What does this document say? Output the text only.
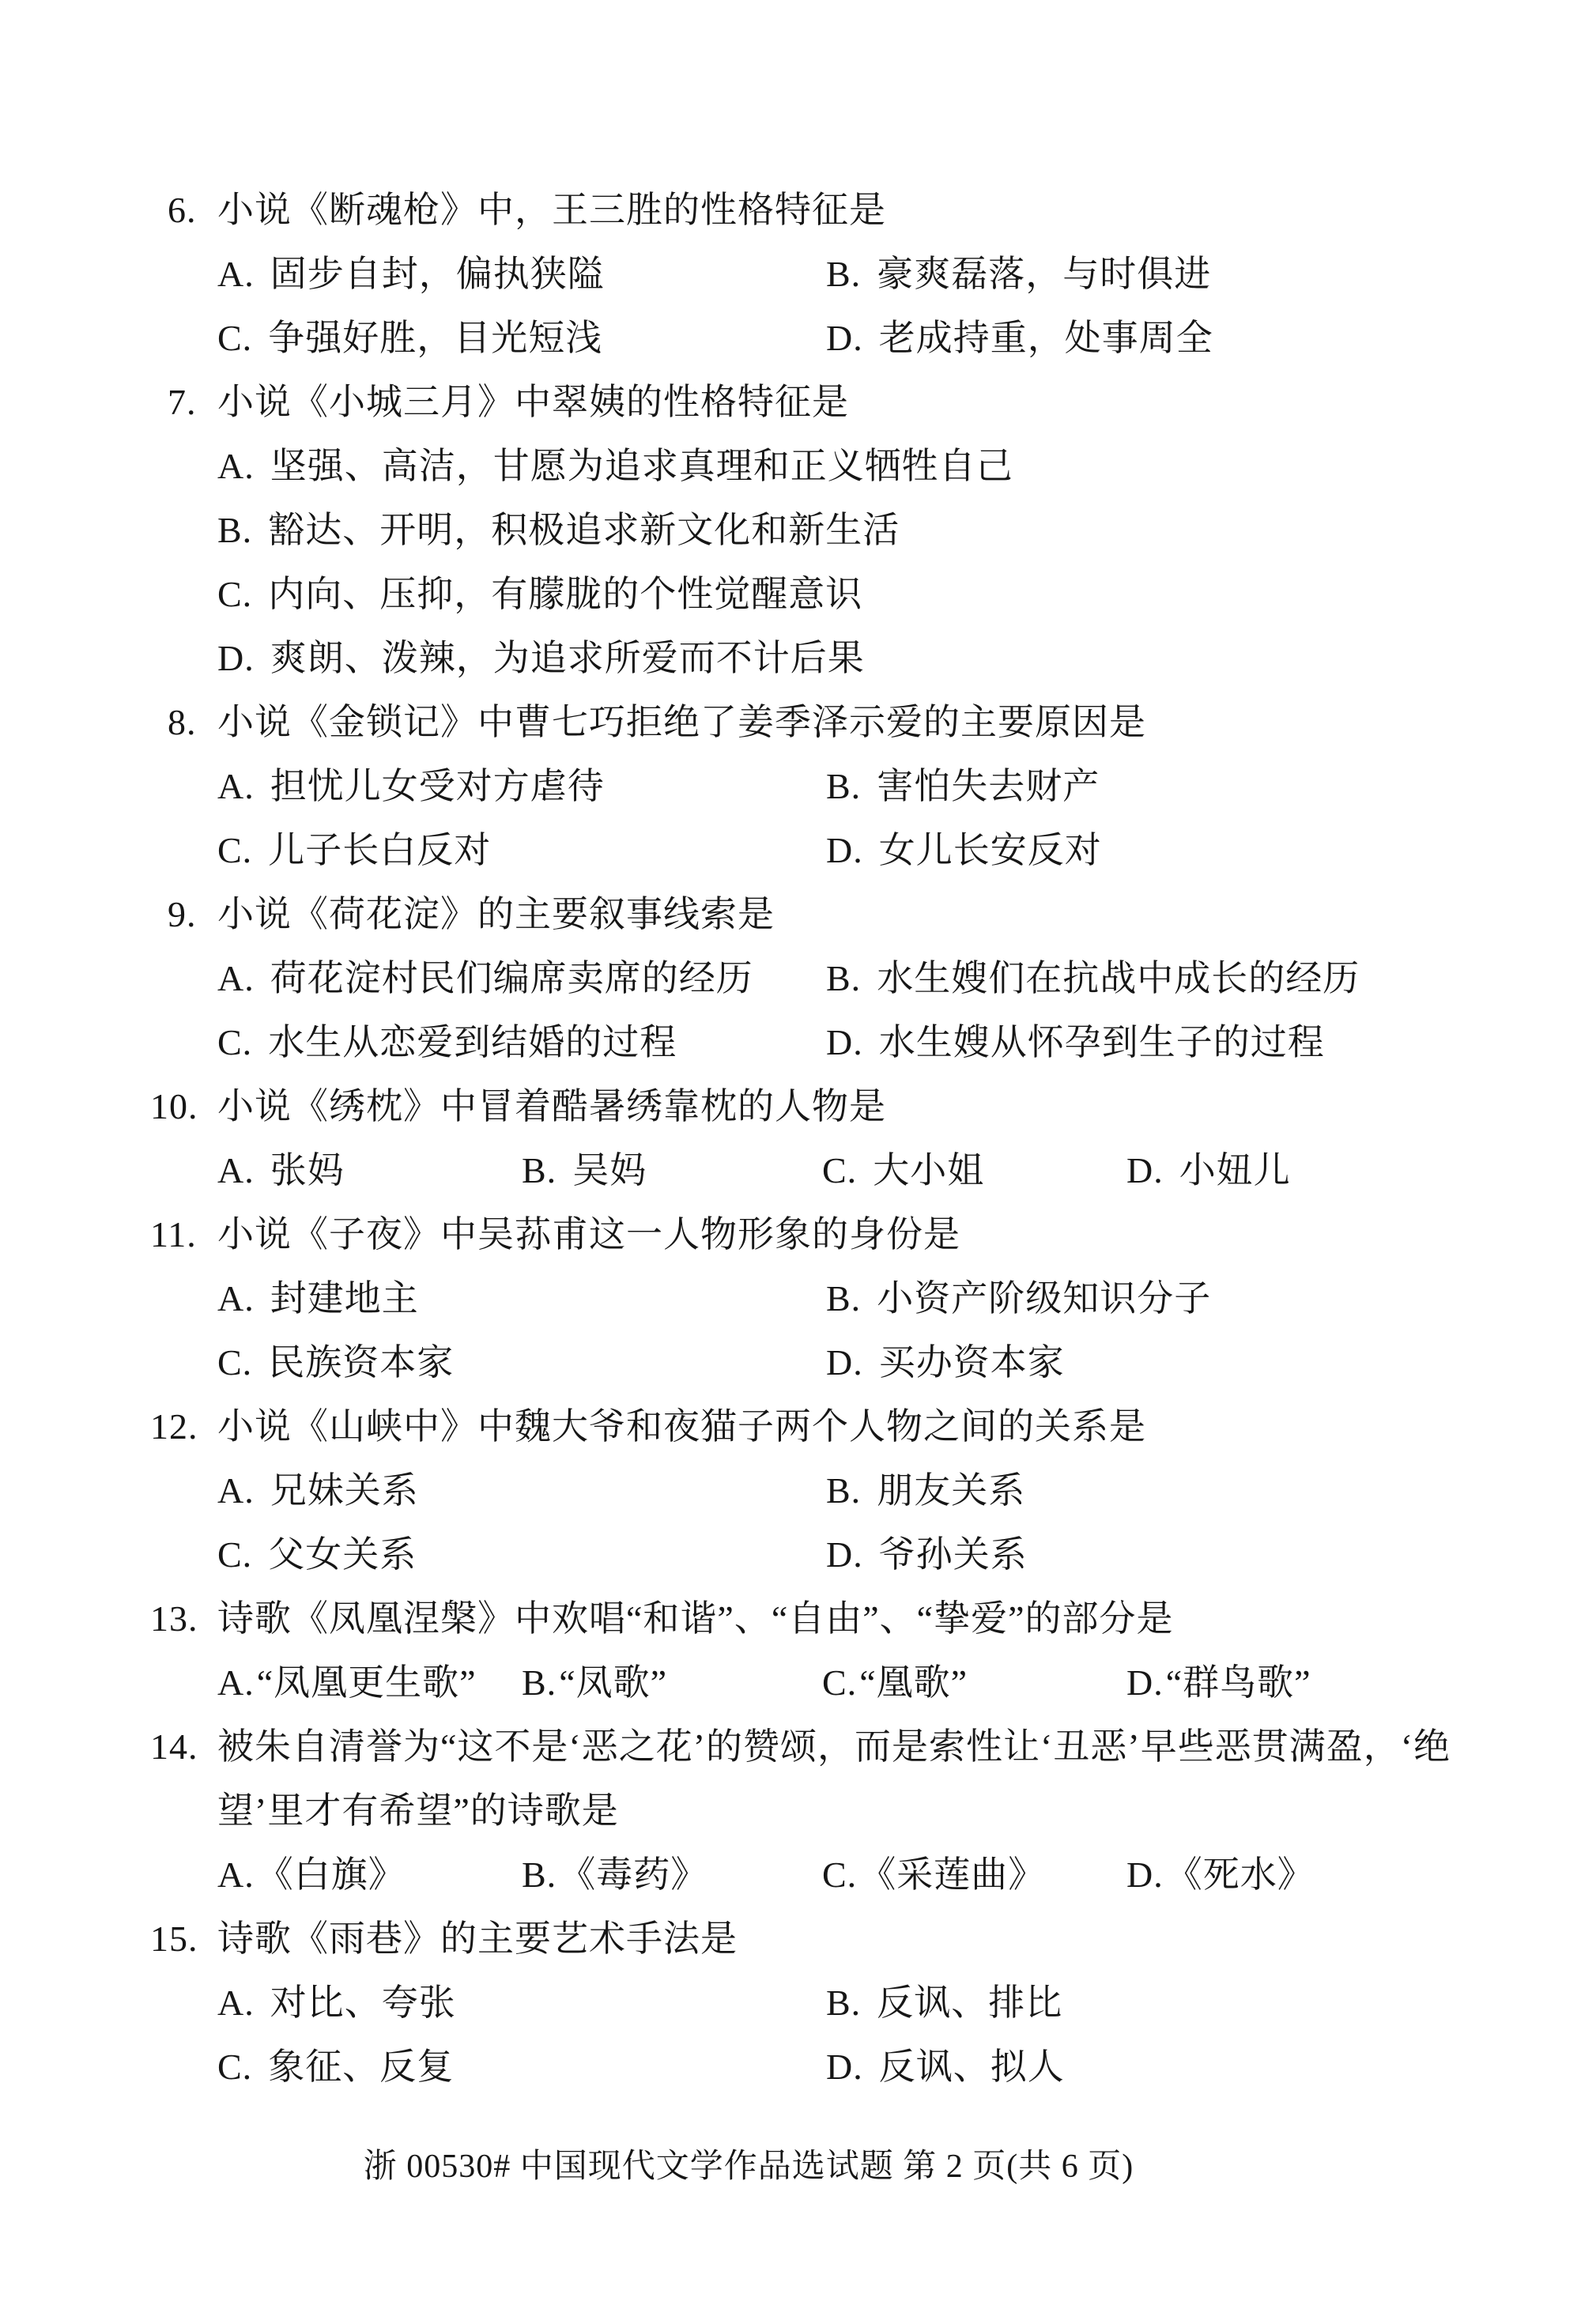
6. 小说《断魂枪》中，王三胜的性格特征是
A. 固步自封，偏执狭隘	B. 豪爽磊落，与时俱进
C. 争强好胜，目光短浅	D. 老成持重，处事周全
7. 小说《小城三月》中翠姨的性格特征是
A. 坚强、高洁，甘愿为追求真理和正义牺牲自己
B. 豁达、开明，积极追求新文化和新生活
C. 内向、压抑，有朦胧的个性觉醒意识
D. 爽朗、泼辣，为追求所爱而不计后果
8. 小说《金锁记》中曹七巧拒绝了姜季泽示爱的主要原因是
A. 担忧儿女受对方虐待	B. 害怕失去财产
C. 儿子长白反对	D. 女儿长安反对
9. 小说《荷花淀》的主要叙事线索是
A. 荷花淀村民们编席卖席的经历	B. 水生嫂们在抗战中成长的经历
C. 水生从恋爱到结婚的过程	D. 水生嫂从怀孕到生子的过程
10. 小说《绣枕》中冒着酷暑绣靠枕的人物是
A. 张妈	B. 吴妈	C. 大小姐	D. 小妞儿
11. 小说《子夜》中吴荪甫这一人物形象的身份是
A. 封建地主	B. 小资产阶级知识分子
C. 民族资本家	D. 买办资本家
12. 小说《山峡中》中魏大爷和夜猫子两个人物之间的关系是
A. 兄妹关系	B. 朋友关系
C. 父女关系	D. 爷孙关系
13. 诗歌《凤凰涅槃》中欢唱“和谐”、“自由”、“挚爱”的部分是
A.“凤凰更生歌”	B.“凤歌”	C.“凰歌”	D.“群鸟歌”
14. 被朱自清誉为“这不是‘恶之花’的赞颂，而是索性让‘丑恶’早些恶贯满盈，‘绝
望’里才有希望”的诗歌是
A.《白旗》	B.《毒药》	C.《采莲曲》	D.《死水》
15. 诗歌《雨巷》的主要艺术手法是
A. 对比、夸张	B. 反讽、排比
C. 象征、反复	D. 反讽、拟人
浙 00530# 中国现代文学作品选试题 第 2 页(共 6 页)
